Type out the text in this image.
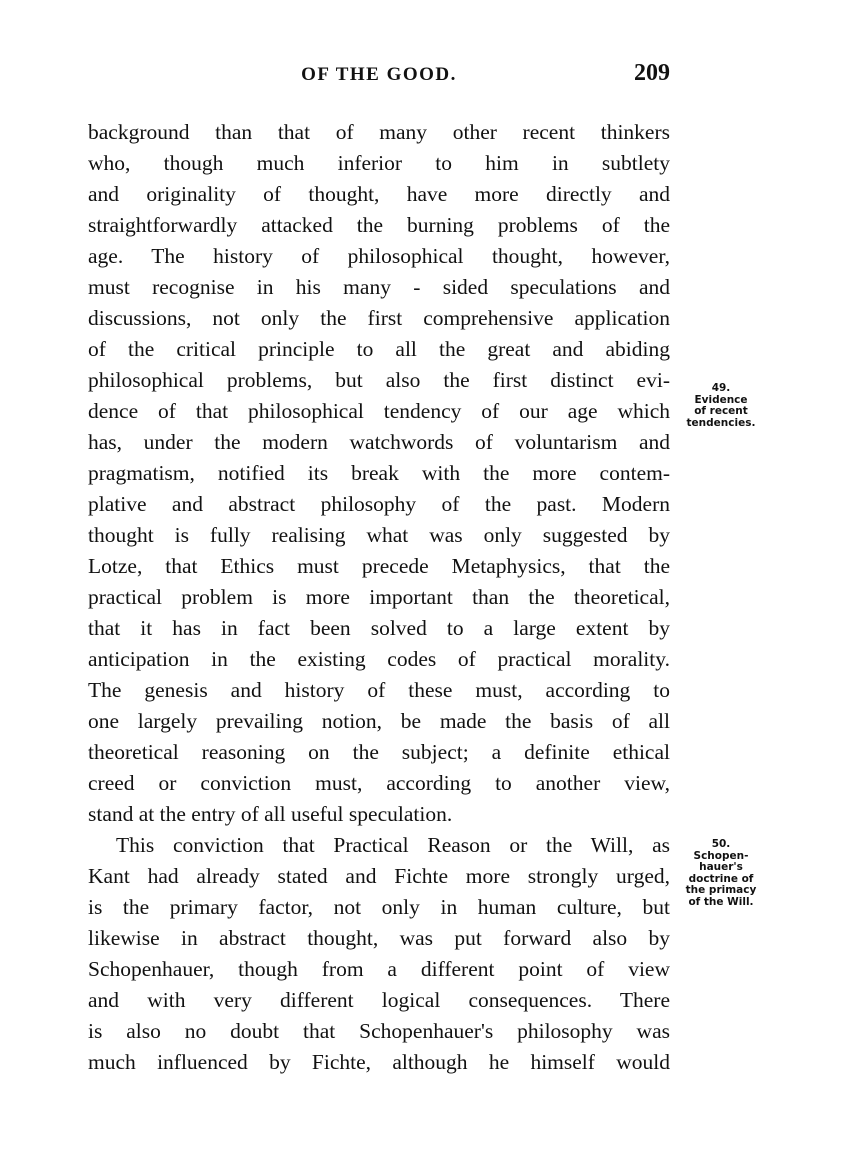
OF THE GOOD.	209
background than that of many other recent thinkers
who, though much inferior to him in subtlety
and originality of thought, have more directly and
straightforwardly attacked the burning problems of the
age. The history of philosophical thought, however,
must recognise in his many - sided speculations and
discussions, not only the first comprehensive application
of the critical principle to all the great and abiding
philosophical problems, but also the first distinct evi-
dence of that philosophical tendency of our age which
has, under the modern watchwords of voluntarism and
pragmatism, notified its break with the more contem-
plative and abstract philosophy of the past. Modern
thought is fully realising what was only suggested by
Lotze, that Ethics must precede Metaphysics, that the
practical problem is more important than the theoretical,
that it has in fact been solved to a large extent by
anticipation in the existing codes of practical morality.
The genesis and history of these must, according to
one largely prevailing notion, be made the basis of all
theoretical reasoning on the subject; a definite ethical
creed or conviction must, according to another view,
stand at the entry of all useful speculation.
This conviction that Practical Reason or the Will, as
Kant had already stated and Fichte more strongly urged,
is the primary factor, not only in human culture, but
likewise in abstract thought, was put forward also by
Schopenhauer, though from a different point of view
and with very different logical consequences. There
is also no doubt that Schopenhauer's philosophy was
much influenced by Fichte, although he himself would
49.
Evidence
of recent
tendencies.
50.
Schopen-
hauer's
doctrine of
the primacy
of the Will.
